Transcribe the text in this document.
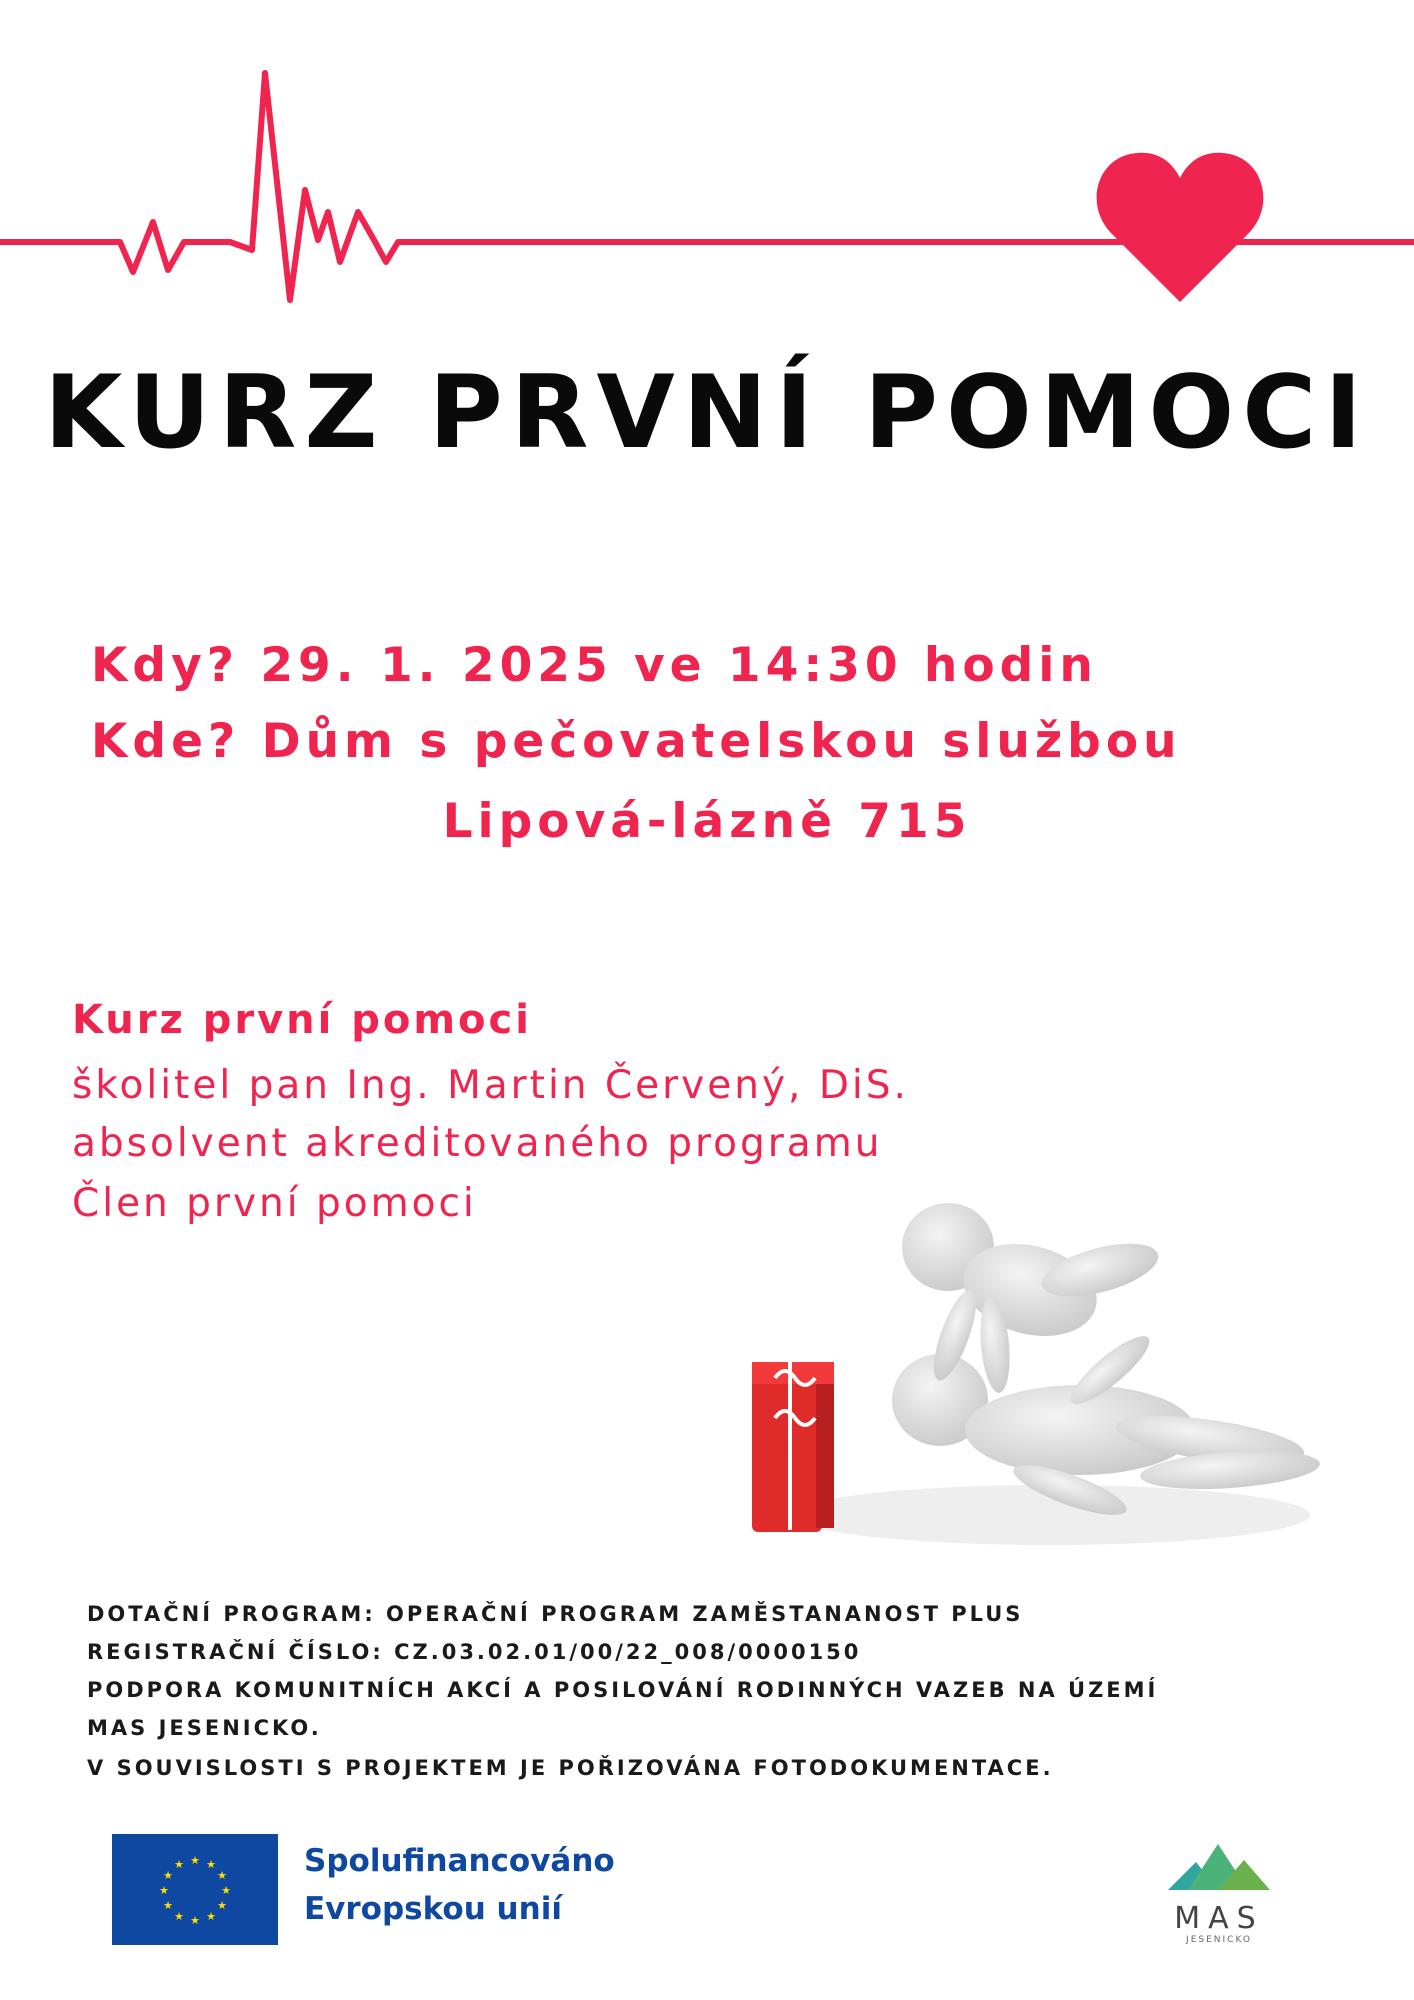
KURZ PRVNÍ POMOCI
Kdy? 29. 1. 2025 ve 14:30 hodin
Kde? Dům s pečovatelskou službou
Lipová-lázně 715
Kurz první pomoci
školitel pan Ing. Martin Červený, DiS.
absolvent akreditovaného programu
Člen první pomoci
DOTAČNÍ PROGRAM: OPERAČNÍ PROGRAM ZAMĚSTANANOST PLUS
REGISTRAČNÍ ČÍSLO: CZ.03.02.01/00/22_008/0000150
PODPORA KOMUNITNÍCH AKCÍ A POSILOVÁNÍ RODINNÝCH VAZEB NA ÚZEMÍ
MAS JESENICKO.
V SOUVISLOSTI S PROJEKTEM JE POŘIZOVÁNA FOTODOKUMENTACE.
★ ★
★
★
★
★
★
★
★
★
★
★	Spolufinancováno
Evropskou unií	MAS
JESENICKO
